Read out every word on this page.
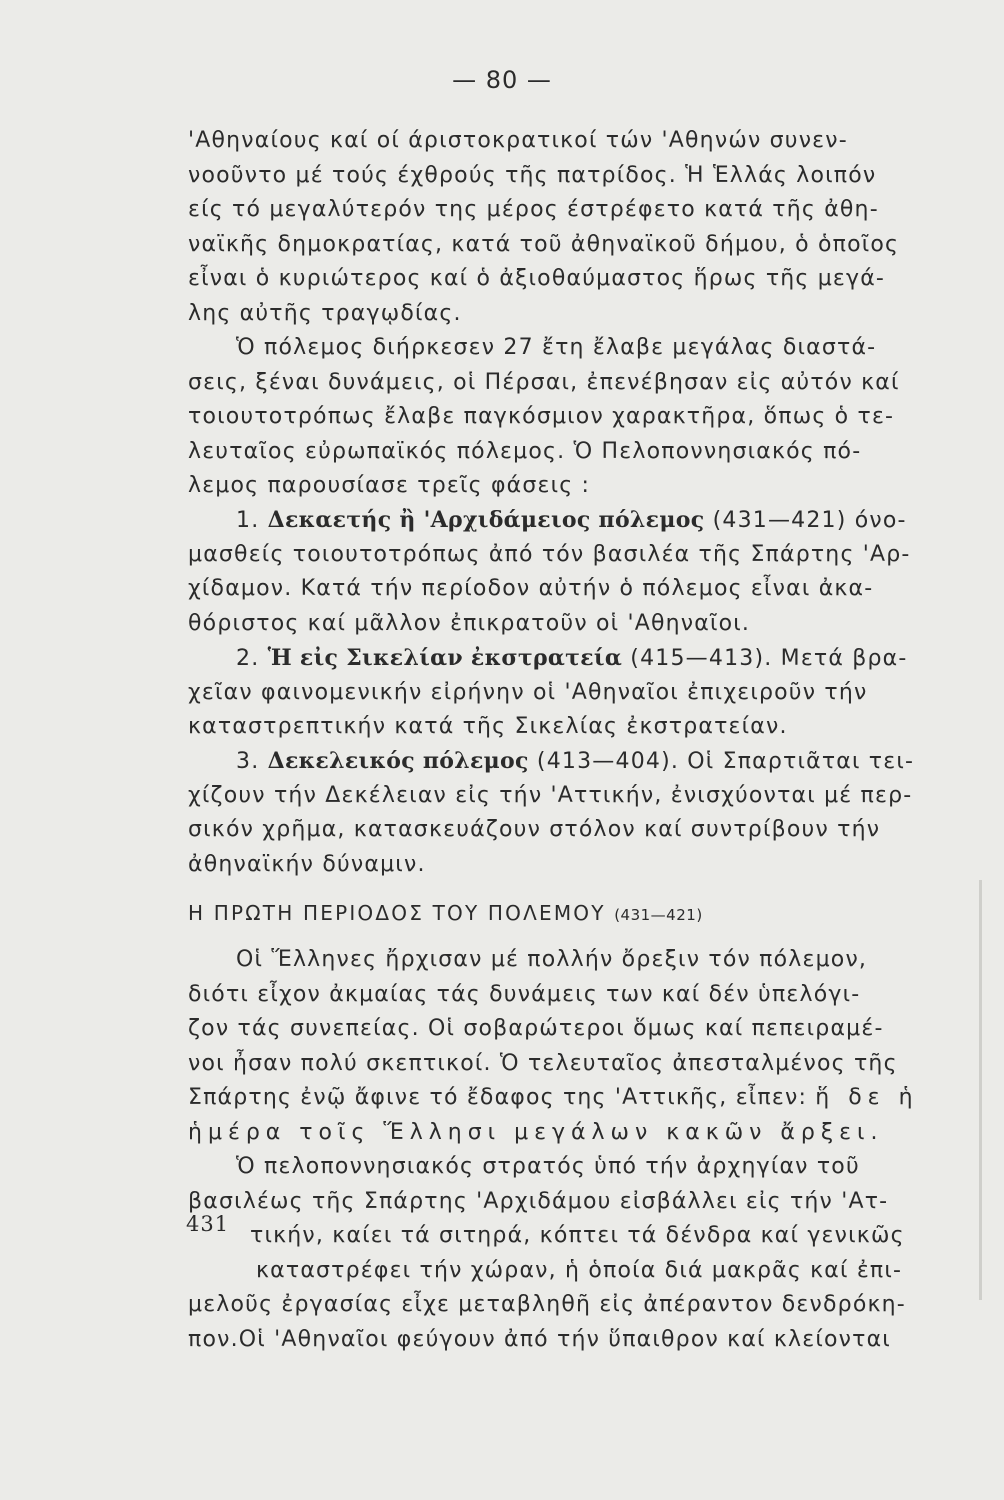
— 80 —
'Αθηναίους καί οί άριστοκρατικοί τών 'Αθηνών συνεν-
νοοῦντο μέ τούς έχθρούς τῆς πατρίδος. Ἡ Ἑλλάς λοιπόν
είς τό μεγαλύτερόν της μέρος έστρέφετο κατά τῆς ἀθη-
ναϊκῆς δημοκρατίας, κατά τοῦ ἀθηναϊκοῦ δήμου, ὁ ὁποῖος
εἶναι ὁ κυριώτερος καί ὁ ἀξιοθαύμαστος ἥρως τῆς μεγά-
λης αὐτῆς τραγῳδίας.
Ὁ πόλεμος διήρκεσεν 27 ἔτη ἔλαβε μεγάλας διαστά-
σεις, ξέναι δυνάμεις, οἱ Πέρσαι, ἐπενέβησαν εἰς αὐτόν καί
τοιουτοτρόπως ἔλαβε παγκόσμιον χαρακτῆρα, ὅπως ὁ τε-
λευταῖος εὐρωπαϊκός πόλεμος. Ὁ Πελοποννησιακός πό-
λεμος παρουσίασε τρεῖς φάσεις :
1. Δεκαετής ἢ 'Αρχιδάμειος πόλεμος (431—421) όνο-
μασθείς τοιουτοτρόπως ἀπό τόν βασιλέα τῆς Σπάρτης 'Αρ-
χίδαμον. Κατά τήν περίοδον αὐτήν ὁ πόλεμος εἶναι ἀκα-
θόριστος καί μᾶλλον ἐπικρατοῦν οἱ 'Αθηναῖοι.
2. Ἡ εἰς Σικελίαν ἐκστρατεία (415—413). Μετά βρα-
χεῖαν φαινομενικήν εἰρήνην οἱ 'Αθηναῖοι ἐπιχειροῦν τήν
καταστρεπτικήν κατά τῆς Σικελίας ἐκστρατείαν.
3. Δεκελεικός πόλεμος (413—404). Οἱ Σπαρτιᾶται τει-
χίζουν τήν Δεκέλειαν εἰς τήν 'Αττικήν, ἐνισχύονται μέ περ-
σικόν χρῆμα, κατασκευάζουν στόλον καί συντρίβουν τήν
ἀθηναϊκήν δύναμιν.
Η ΠΡΩΤΗ ΠΕΡΙΟΔΟΣ ΤΟΥ ΠΟΛΕΜΟΥ (431—421)
Οἱ Ἕλληνες ἤρχισαν μέ πολλήν ὄρεξιν τόν πόλεμον,
διότι εἶχον ἀκμαίας τάς δυνάμεις των καί δέν ὑπελόγι-
ζον τάς συνεπείας. Οἱ σοβαρώτεροι ὅμως καί πεπειραμέ-
νοι ἦσαν πολύ σκεπτικοί. Ὁ τελευταῖος ἀπεσταλμένος τῆς
Σπάρτης ἐνῷ ἄφινε τό ἔδαφος της 'Αττικῆς, εἶπεν: ἥ δε ἡ
ἡμέρα τοῖς Ἕλλησι μεγάλων κακῶν ἄρξει.
Ὁ πελοποννησιακός στρατός ὑπό τήν ἀρχηγίαν τοῦ
βασιλέως τῆς Σπάρτης 'Αρχιδάμου εἰσβάλλει εἰς τήν 'Ατ-
τικήν, καίει τά σιτηρά, κόπτει τά δένδρα καί γενικῶς
καταστρέφει τήν χώραν, ἡ ὁποία διά μακρᾶς καί ἐπι-
μελοῦς ἐργασίας εἶχε μεταβληθῆ εἰς ἀπέραντον δενδρόκη-
πον.Οἱ 'Αθηναῖοι φεύγουν ἀπό τήν ὕπαιθρον καί κλείονται
431
